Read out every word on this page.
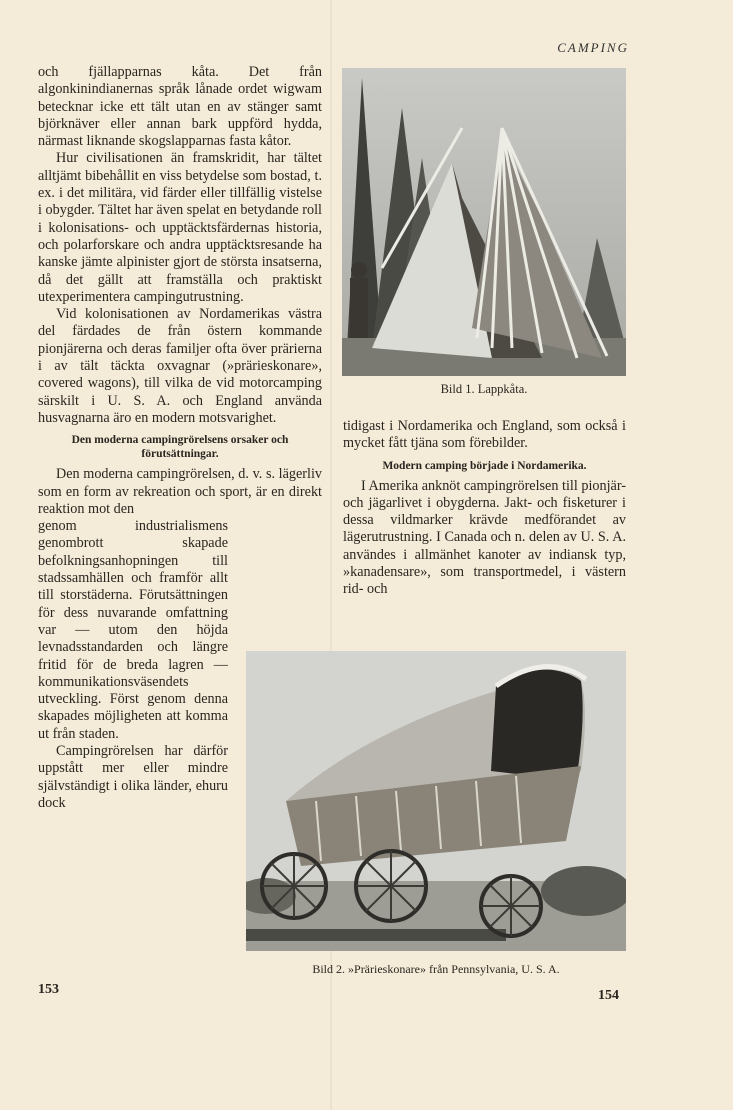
CAMPING

och fjällapparnas kåta. Det från algonkinindianernas språk lånade ordet wigwam betecknar icke ett tält utan en av stänger samt björknäver eller annan bark uppförd hydda, närmast liknande skogslapparnas fasta kåtor.

Hur civilisationen än framskridit, har tältet alltjämt bibehållit en viss betydelse som bostad, t. ex. i det militära, vid färder eller tillfällig vistelse i obygder. Tältet har även spelat en betydande roll i kolonisations- och upptäcktsfärdernas historia, och polarforskare och andra upptäcktsresande ha kanske jämte alpinister gjort de största insatserna, då det gällt att framställa och praktiskt utexperimentera campingutrustning.

Vid kolonisationen av Nordamerikas västra del färdades de från östern kommande pionjärerna och deras familjer ofta över prärierna i av tält täckta oxvagnar (»prärieskonare», covered wagons), till vilka de vid motorcamping särskilt i U. S. A. och England använda husvagnarna äro en modern motsvarighet.

Den moderna campingrörelsens orsaker och förutsättningar.

Den moderna campingrörelsen, d. v. s. lägerliv som en form av rekreation och sport, är en direkt reaktion mot den

genom industrialismens genombrott skapade befolkningsanhopningen till stadssamhällen och framför allt till storstäderna. Förutsättningen för dess nuvarande omfattning var — utom den höjda levnadsstandarden och längre fritid för de breda lagren — kommunikationsväsendets utveckling. Först genom denna skapades möjligheten att komma ut från staden.

Campingrörelsen har därför uppstått mer eller mindre självständigt i olika länder, ehuru dock

Bild 1. Lappkåta.

tidigast i Nordamerika och England, som också i mycket fått tjäna som förebilder.

Modern camping började i Nordamerika.

I Amerika anknöt campingrörelsen till pionjär- och jägarlivet i obygderna. Jakt- och fisketurer i dessa vildmarker krävde medförandet av lägerutrustning. I Canada och n. delen av U. S. A. användes i allmänhet kanoter av indiansk typ, »kanadensare», som transportmedel, i västern rid- och

Bild 2. »Prärieskonare» från Pennsylvania, U. S. A.
153	154
